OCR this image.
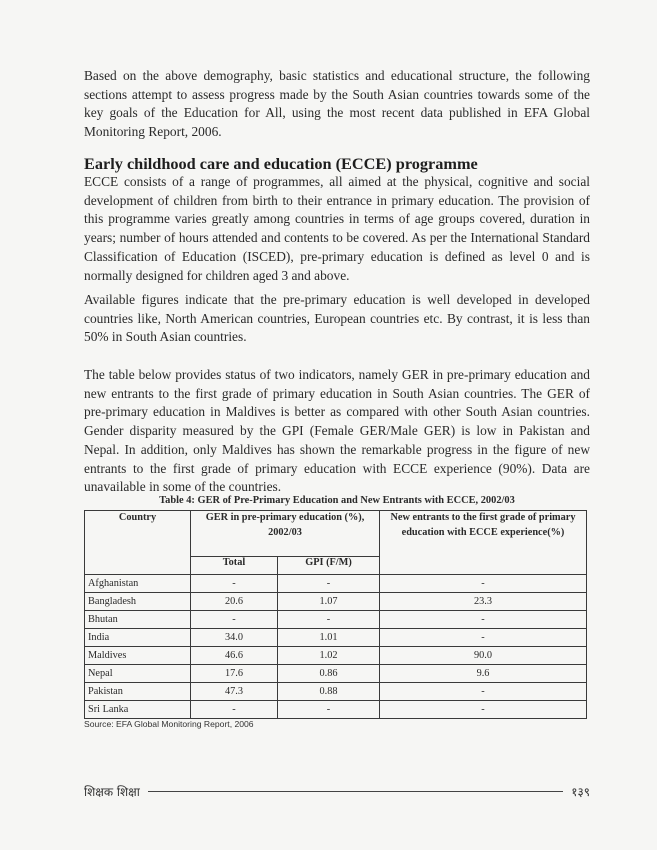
Based on the above demography, basic statistics and educational structure, the following sections attempt to assess progress made by the South Asian countries towards some of the key goals of the Education for All, using the most recent data published in EFA Global Monitoring Report, 2006.

Early childhood care and education (ECCE) programme

ECCE consists of a range of programmes, all aimed at the physical, cognitive and social development of children from birth to their entrance in primary education. The provision of this programme varies greatly among countries in terms of age groups covered, duration in years; number of hours attended and contents to be covered. As per the International Standard Classification of Education (ISCED), pre-primary education is defined as level 0 and is normally designed for children aged 3 and above.

Available figures indicate that the pre-primary education is well developed in developed countries like, North American countries, European countries etc. By contrast, it is less than 50% in South Asian countries.

The table below provides status of two indicators, namely GER in pre-primary education and new entrants to the first grade of primary education in South Asian countries. The GER of pre-primary education in Maldives is better as compared with other South Asian countries. Gender disparity measured by the GPI (Female GER/Male GER) is low in Pakistan and Nepal. In addition, only Maldives has shown the remarkable progress in the figure of new entrants to the first grade of primary education with ECCE experience (90%). Data are unavailable in some of the countries.

Table 4: GER of Pre-Primary Education and New Entrants with ECCE, 2002/03
Country	GER in pre-primary education (%), 2002/03		New entrants to the first grade of primary education with ECCE experience(%)
	Total	GPI (F/M)	
Afghanistan	-	-	-
Bangladesh	20.6	1.07	23.3
Bhutan	-	-	-
India	34.0	1.01	-
Maldives	46.6	1.02	90.0
Nepal	17.6	0.86	9.6
Pakistan	47.3	0.88	-
Sri Lanka	-	-	-
Source: EFA Global Monitoring Report, 2006
शिक्षक शिक्षा	१३९
